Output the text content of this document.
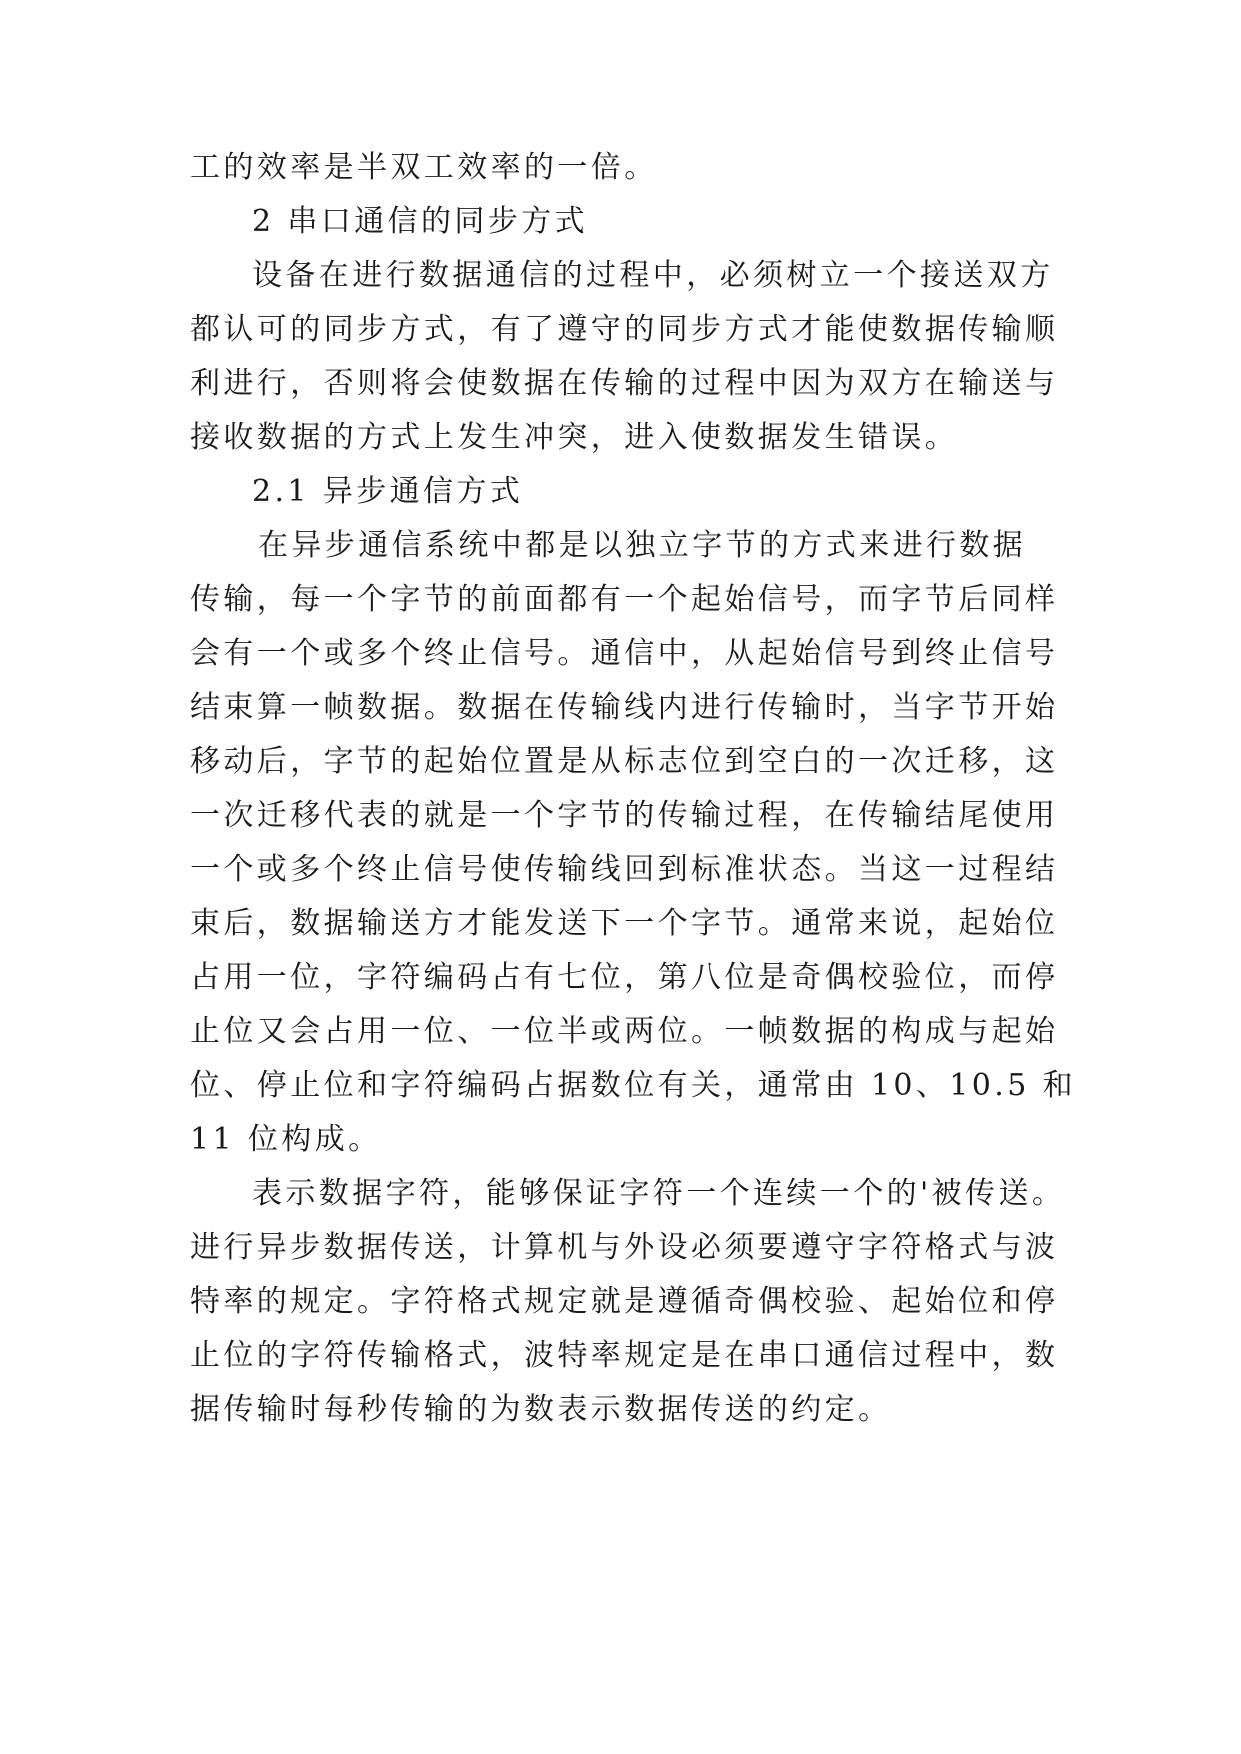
工的效率是半双工效率的一倍。
2 串口通信的同步方式
设备在进行数据通信的过程中，必须树立一个接送双方
都认可的同步方式，有了遵守的同步方式才能使数据传输顺
利进行，否则将会使数据在传输的过程中因为双方在输送与
接收数据的方式上发生冲突，进入使数据发生错误。
2.1 异步通信方式
在异步通信系统中都是以独立字节的方式来进行数据
传输，每一个字节的前面都有一个起始信号，而字节后同样
会有一个或多个终止信号。通信中，从起始信号到终止信号
结束算一帧数据。数据在传输线内进行传输时，当字节开始
移动后，字节的起始位置是从标志位到空白的一次迁移，这
一次迁移代表的就是一个字节的传输过程，在传输结尾使用
一个或多个终止信号使传输线回到标准状态。当这一过程结
束后，数据输送方才能发送下一个字节。通常来说，起始位
占用一位，字符编码占有七位，第八位是奇偶校验位，而停
止位又会占用一位、一位半或两位。一帧数据的构成与起始
位、停止位和字符编码占据数位有关，通常由 10、10.5 和
11 位构成。
表示数据字符，能够保证字符一个连续一个的'被传送。
进行异步数据传送，计算机与外设必须要遵守字符格式与波
特率的规定。字符格式规定就是遵循奇偶校验、起始位和停
止位的字符传输格式，波特率规定是在串口通信过程中，数
据传输时每秒传输的为数表示数据传送的约定。
